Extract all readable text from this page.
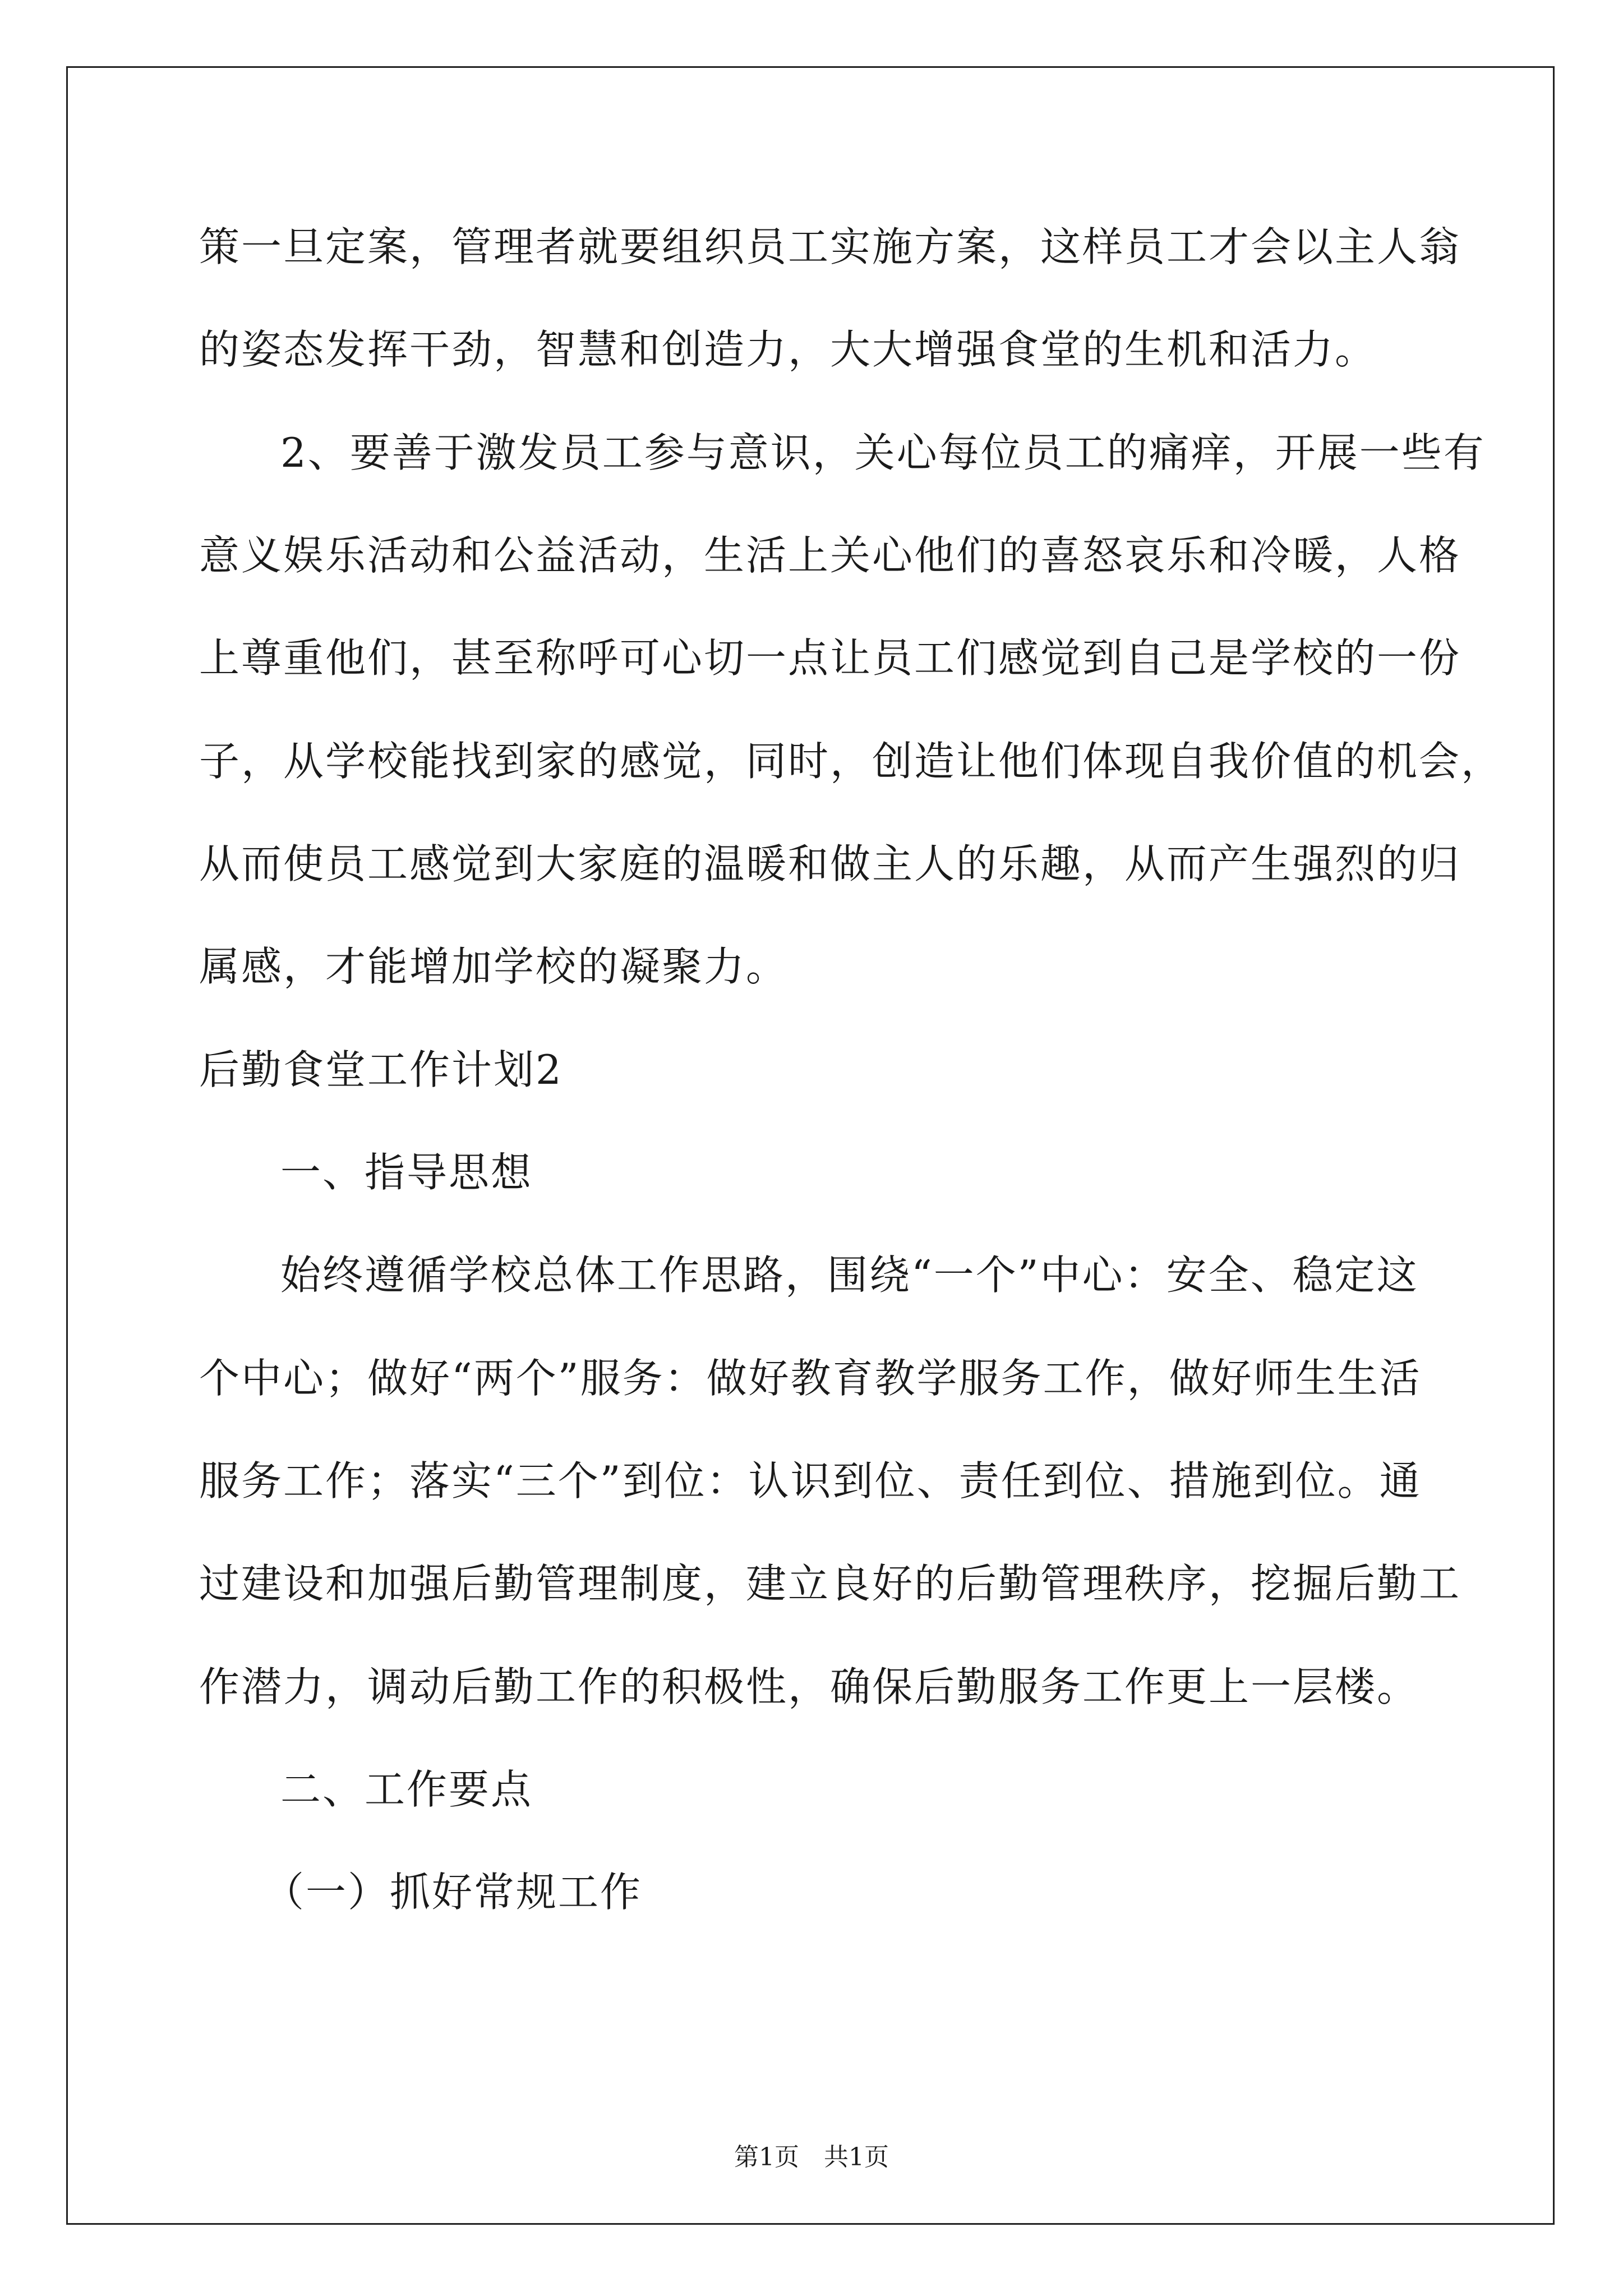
策一旦定案，管理者就要组织员工实施方案，这样员工才会以主人翁
的姿态发挥干劲，智慧和创造力，大大增强食堂的生机和活力。
2、要善于激发员工参与意识，关心每位员工的痛痒，开展一些有
意义娱乐活动和公益活动，生活上关心他们的喜怒哀乐和冷暖，人格
上尊重他们，甚至称呼可心切一点让员工们感觉到自己是学校的一份
子，从学校能找到家的感觉，同时，创造让他们体现自我价值的机会，
从而使员工感觉到大家庭的温暖和做主人的乐趣，从而产生强烈的归
属感，才能增加学校的凝聚力。
后勤食堂工作计划2
一、指导思想
始终遵循学校总体工作思路，围绕“一个”中心：安全、稳定这
个中心；做好“两个”服务：做好教育教学服务工作，做好师生生活
服务工作；落实“三个”到位：认识到位、责任到位、措施到位。通
过建设和加强后勤管理制度，建立良好的后勤管理秩序，挖掘后勤工
作潜力，调动后勤工作的积极性，确保后勤服务工作更上一层楼。
二、工作要点
（一）抓好常规工作
第1页　共1页
